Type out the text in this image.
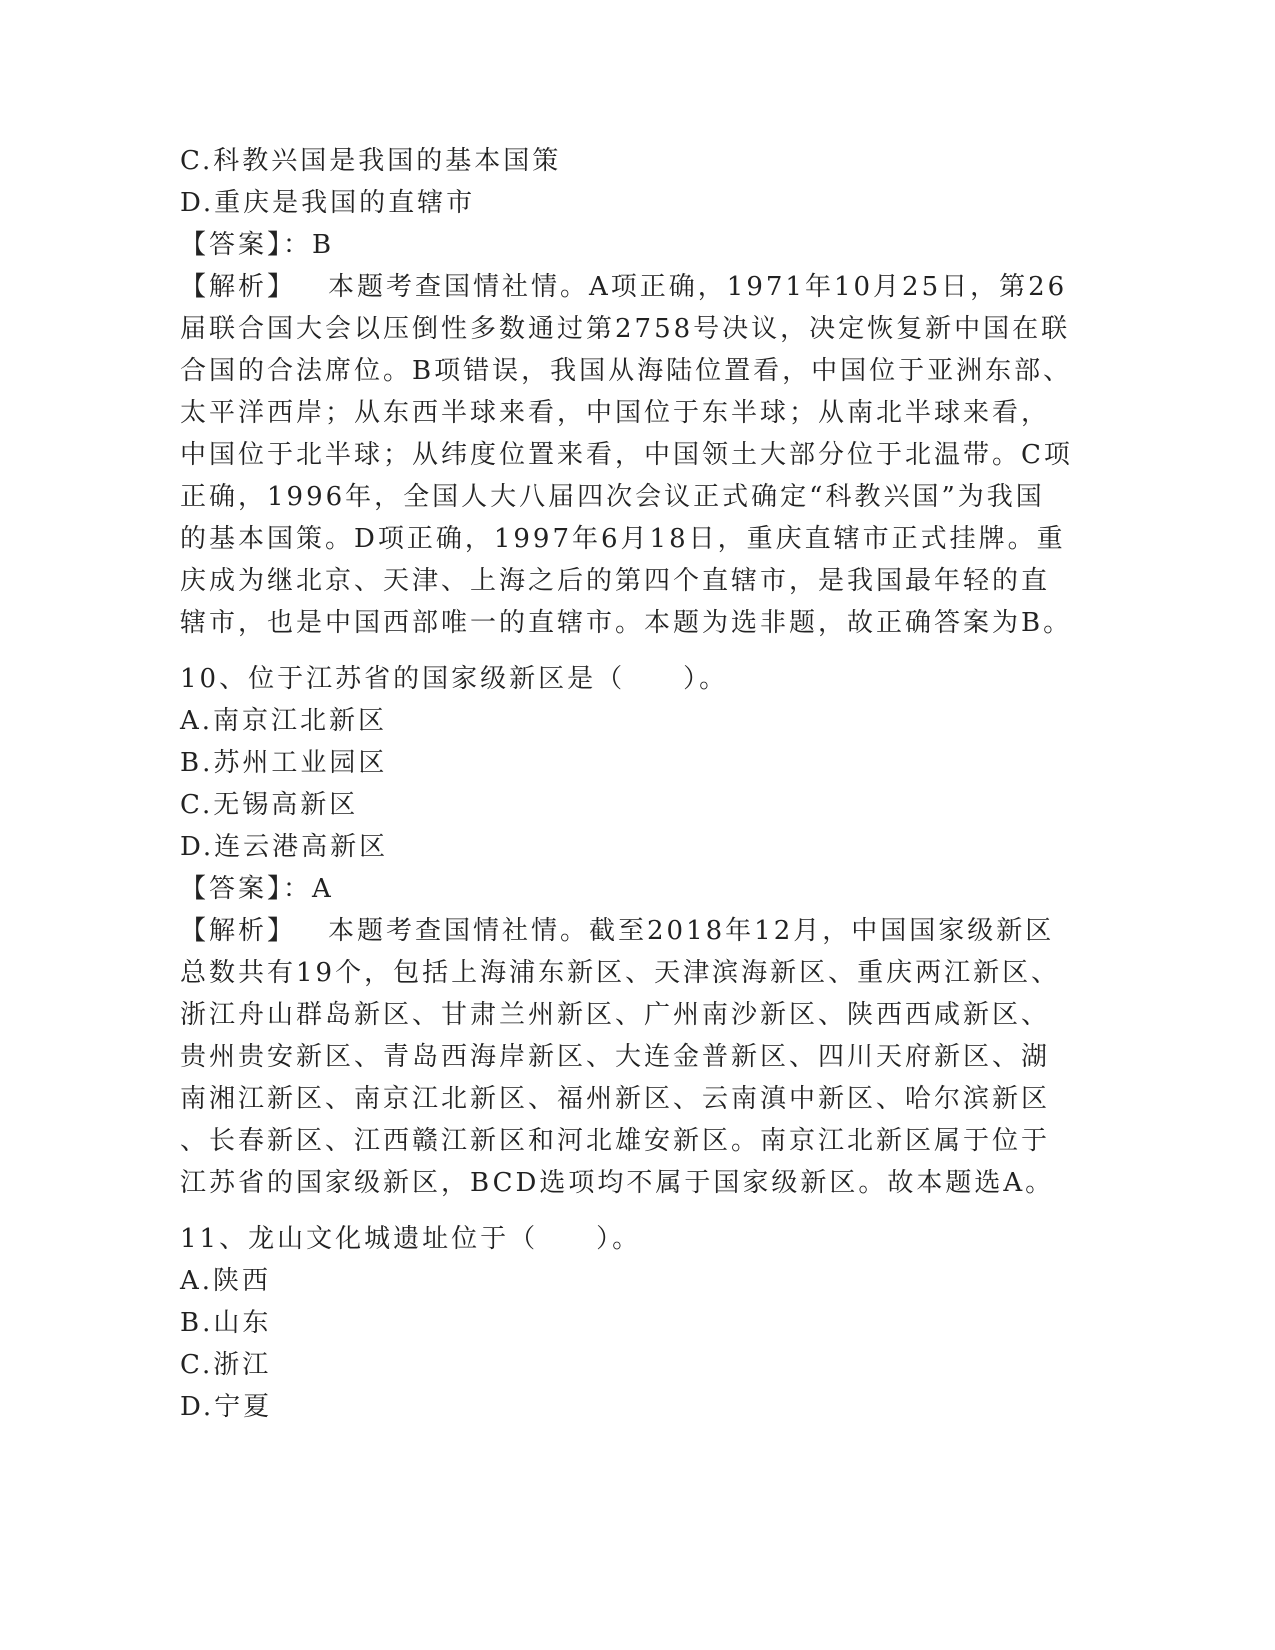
C.科教兴国是我国的基本国策
D.重庆是我国的直辖市
【答案】：B
【解析】 本题考查国情社情。A项正确，1971年10月25日，第26
届联合国大会以压倒性多数通过第2758号决议，决定恢复新中国在联
合国的合法席位。B项错误，我国从海陆位置看，中国位于亚洲东部、
太平洋西岸；从东西半球来看，中国位于东半球；从南北半球来看，
中国位于北半球；从纬度位置来看，中国领土大部分位于北温带。C项
正确，1996年，全国人大八届四次会议正式确定“科教兴国”为我国
的基本国策。D项正确，1997年6月18日，重庆直辖市正式挂牌。重
庆成为继北京、天津、上海之后的第四个直辖市，是我国最年轻的直
辖市，也是中国西部唯一的直辖市。本题为选非题，故正确答案为B。
10、位于江苏省的国家级新区是（　　）。
A.南京江北新区
B.苏州工业园区
C.无锡高新区
D.连云港高新区
【答案】：A
【解析】 本题考查国情社情。截至2018年12月，中国国家级新区
总数共有19个，包括上海浦东新区、天津滨海新区、重庆两江新区、
浙江舟山群岛新区、甘肃兰州新区、广州南沙新区、陕西西咸新区、
贵州贵安新区、青岛西海岸新区、大连金普新区、四川天府新区、湖
南湘江新区、南京江北新区、福州新区、云南滇中新区、哈尔滨新区
、长春新区、江西赣江新区和河北雄安新区。南京江北新区属于位于
江苏省的国家级新区，BCD选项均不属于国家级新区。故本题选A。
11、龙山文化城遗址位于（　　）。
A.陕西
B.山东
C.浙江
D.宁夏
